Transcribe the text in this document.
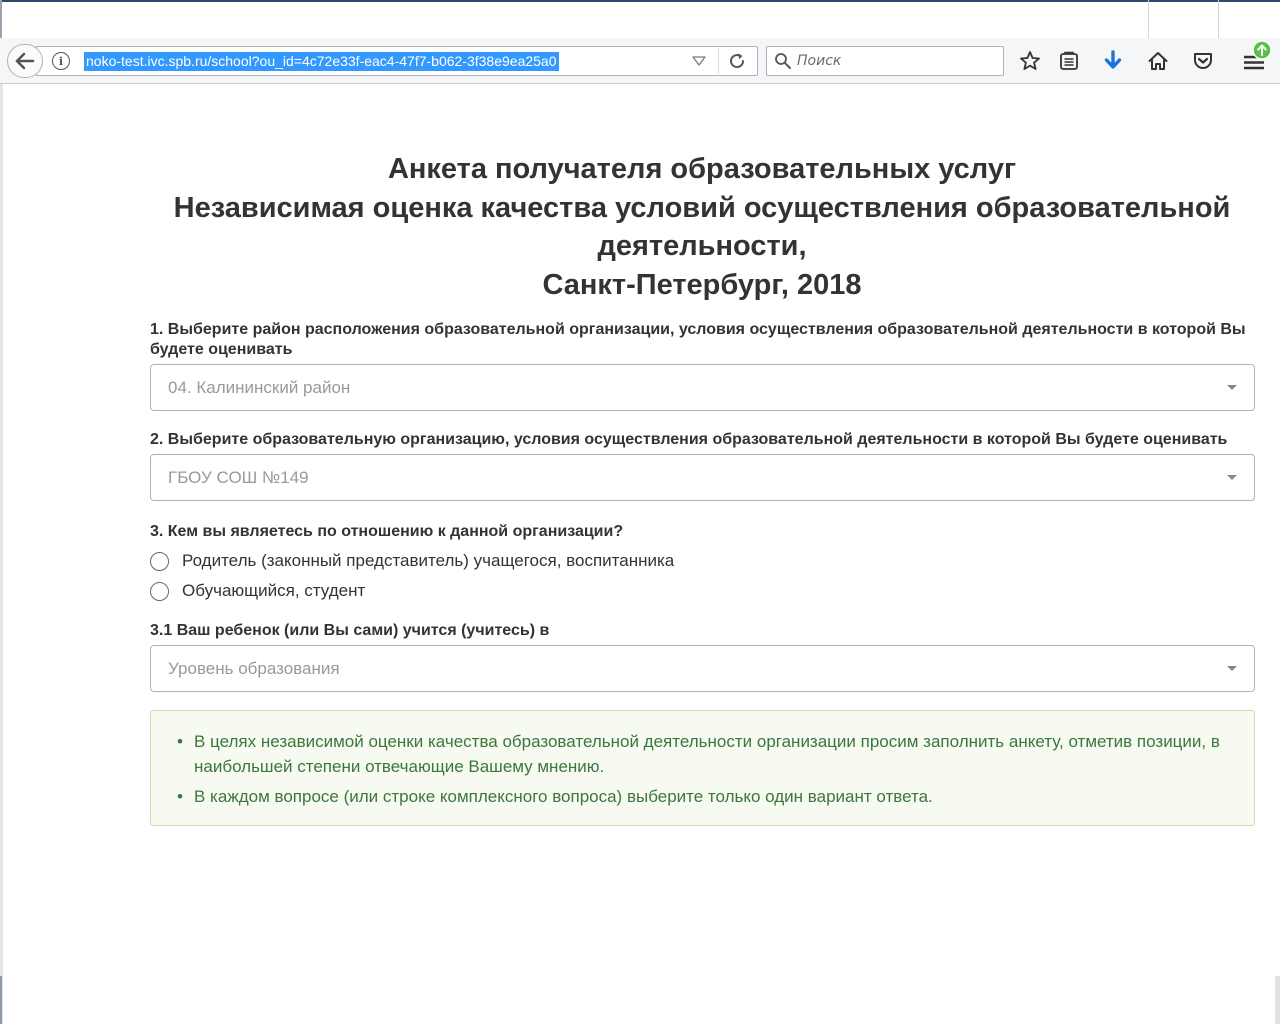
i	noko-test.ivc.spb.ru/school?ou_id=4c72e33f-eac4-47f7-b062-3f38e9ea25a0
Поиск
Анкета получателя образовательных услуг
Независимая оценка качества условий осуществления образовательной деятельности,
Санкт-Петербург, 2018
1. Выберите район расположения образовательной организации, условия осуществления образовательной деятельности в которой Вы будете оценивать
04. Калининский район
2. Выберите образовательную организацию, условия осуществления образовательной деятельности в которой Вы будете оценивать
ГБОУ СОШ №149
3. Кем вы являетесь по отношению к данной организации?
Родитель (законный представитель) учащегося, воспитанника
Обучающийся, студент
3.1 Ваш ребенок (или Вы сами) учится (учитесь) в
Уровень образования
• В целях независимой оценки качества образовательной деятельности организации просим заполнить анкету, отметив позиции, в наибольшей степени отвечающие Вашему мнению.
• В каждом вопросе (или строке комплексного вопроса) выберите только один вариант ответа.
